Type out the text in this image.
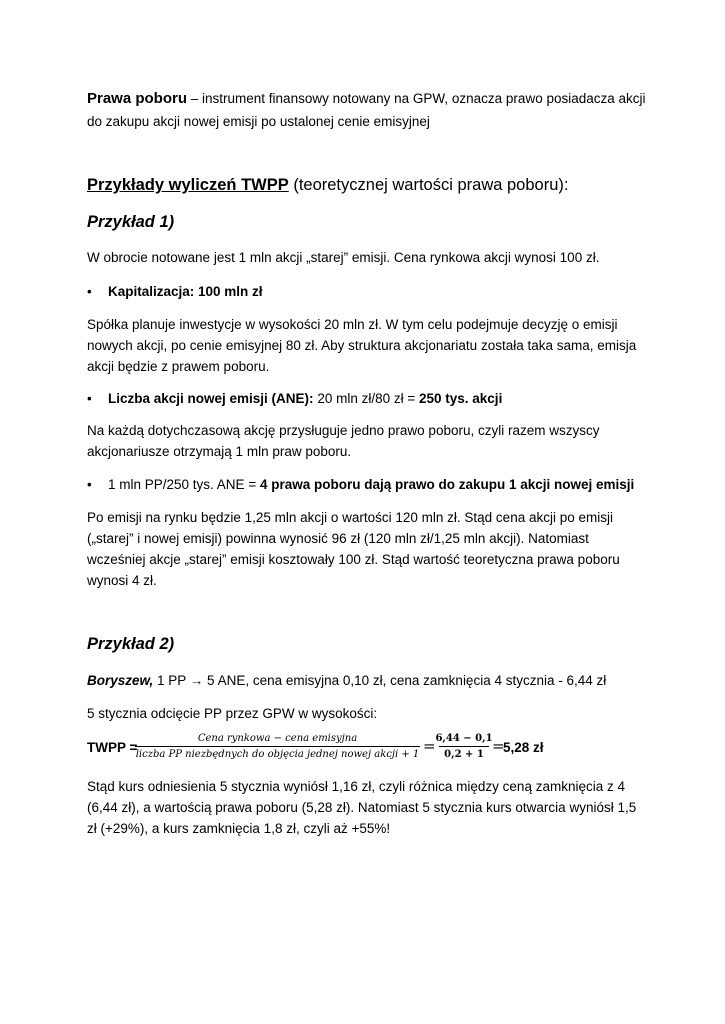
Prawa poboru – instrument finansowy notowany na GPW, oznacza prawo posiadacza akcji

do zakupu akcji nowej emisji po ustalonej cenie emisyjnej

Przykłady wyliczeń TWPP (teoretycznej wartości prawa poboru):

Przykład 1)

W obrocie notowane jest 1 mln akcji „starej” emisji. Cena rynkowa akcji wynosi 100 zł.

• Kapitalizacja: 100 mln zł

Spółka planuje inwestycje w wysokości 20 mln zł. W tym celu podejmuje decyzję o emisji

nowych akcji, po cenie emisyjnej 80 zł. Aby struktura akcjonariatu została taka sama, emisja

akcji będzie z prawem poboru.

• Liczba akcji nowej emisji (ANE): 20 mln zł/80 zł = 250 tys. akcji

Na każdą dotychczasową akcję przysługuje jedno prawo poboru, czyli razem wszyscy

akcjonariusze otrzymają 1 mln praw poboru.

• 1 mln PP/250 tys. ANE = 4 prawa poboru dają prawo do zakupu 1 akcji nowej emisji

Po emisji na rynku będzie 1,25 mln akcji o wartości 120 mln zł. Stąd cena akcji po emisji

(„starej” i nowej emisji) powinna wynosić 96 zł (120 mln zł/1,25 mln akcji). Natomiast

wcześniej akcje „starej” emisji kosztowały 100 zł. Stąd wartość teoretyczna prawa poboru

wynosi 4 zł.

Przykład 2)

Boryszew, 1 PP → 5 ANE, cena emisyjna 0,10 zł, cena zamknięcia 4 stycznia - 6,44 zł

5 stycznia odcięcie PP przez GPW w wysokości:

TWPP =
Cena rynkowa − cena emisyjna
liczba PP niezbędnych do objęcia jednej nowej akcji + 1 = 6,44 − 0,1
0,2 + 1 =
5,28 zł

Stąd kurs odniesienia 5 stycznia wyniósł 1,16 zł, czyli różnica między ceną zamknięcia z 4

(6,44 zł), a wartością prawa poboru (5,28 zł). Natomiast 5 stycznia kurs otwarcia wyniósł 1,5

zł (+29%), a kurs zamknięcia 1,8 zł, czyli aż +55%!
